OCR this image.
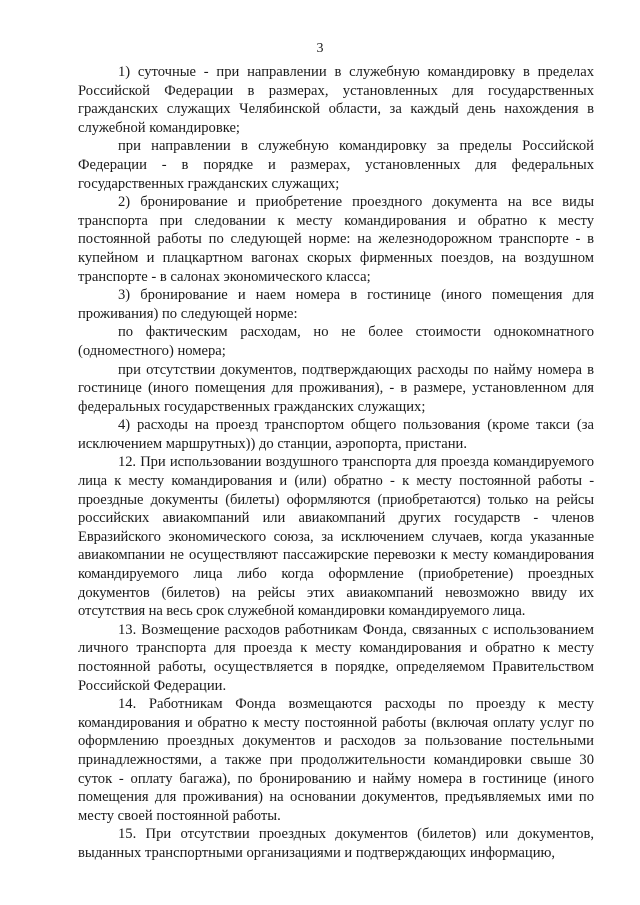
3

1) суточные - при направлении в служебную командировку в пределах Российской Федерации в размерах, установленных для государственных гражданских служащих Челябинской области, за каждый день нахождения в служебной командировке;

при направлении в служебную командировку за пределы Российской Федерации - в порядке и размерах, установленных для федеральных государственных гражданских служащих;

2) бронирование и приобретение проездного документа на все виды транспорта при следовании к месту командирования и обратно к месту постоянной работы по следующей норме: на железнодорожном транспорте - в купейном и плацкартном вагонах скорых фирменных поездов, на воздушном транспорте - в салонах экономического класса;

3) бронирование и наем номера в гостинице (иного помещения для проживания) по следующей норме:

по фактическим расходам, но не более стоимости однокомнатного (одноместного) номера;

при отсутствии документов, подтверждающих расходы по найму номера в гостинице (иного помещения для проживания), - в размере, установленном для федеральных государственных гражданских служащих;

4) расходы на проезд транспортом общего пользования (кроме такси (за исключением маршрутных)) до станции, аэропорта, пристани.

12. При использовании воздушного транспорта для проезда командируемого лица к месту командирования и (или) обратно - к месту постоянной работы - проездные документы (билеты) оформляются (приобретаются) только на рейсы российских авиакомпаний или авиакомпаний других государств - членов Евразийского экономического союза, за исключением случаев, когда указанные авиакомпании не осуществляют пассажирские перевозки к месту командирования командируемого лица либо когда оформление (приобретение) проездных документов (билетов) на рейсы этих авиакомпаний невозможно ввиду их отсутствия на весь срок служебной командировки командируемого лица.

13. Возмещение расходов работникам Фонда, связанных с использованием личного транспорта для проезда к месту командирования и обратно к месту постоянной работы, осуществляется в порядке, определяемом Правительством Российской Федерации.

14. Работникам Фонда возмещаются расходы по проезду к месту командирования и обратно к месту постоянной работы (включая оплату услуг по оформлению проездных документов и расходов за пользование постельными принадлежностями, а также при продолжительности командировки свыше 30 суток - оплату багажа), по бронированию и найму номера в гостинице (иного помещения для проживания) на основании документов, предъявляемых ими по месту своей постоянной работы.

15. При отсутствии проездных документов (билетов) или документов, выданных транспортными организациями и подтверждающих информацию,
